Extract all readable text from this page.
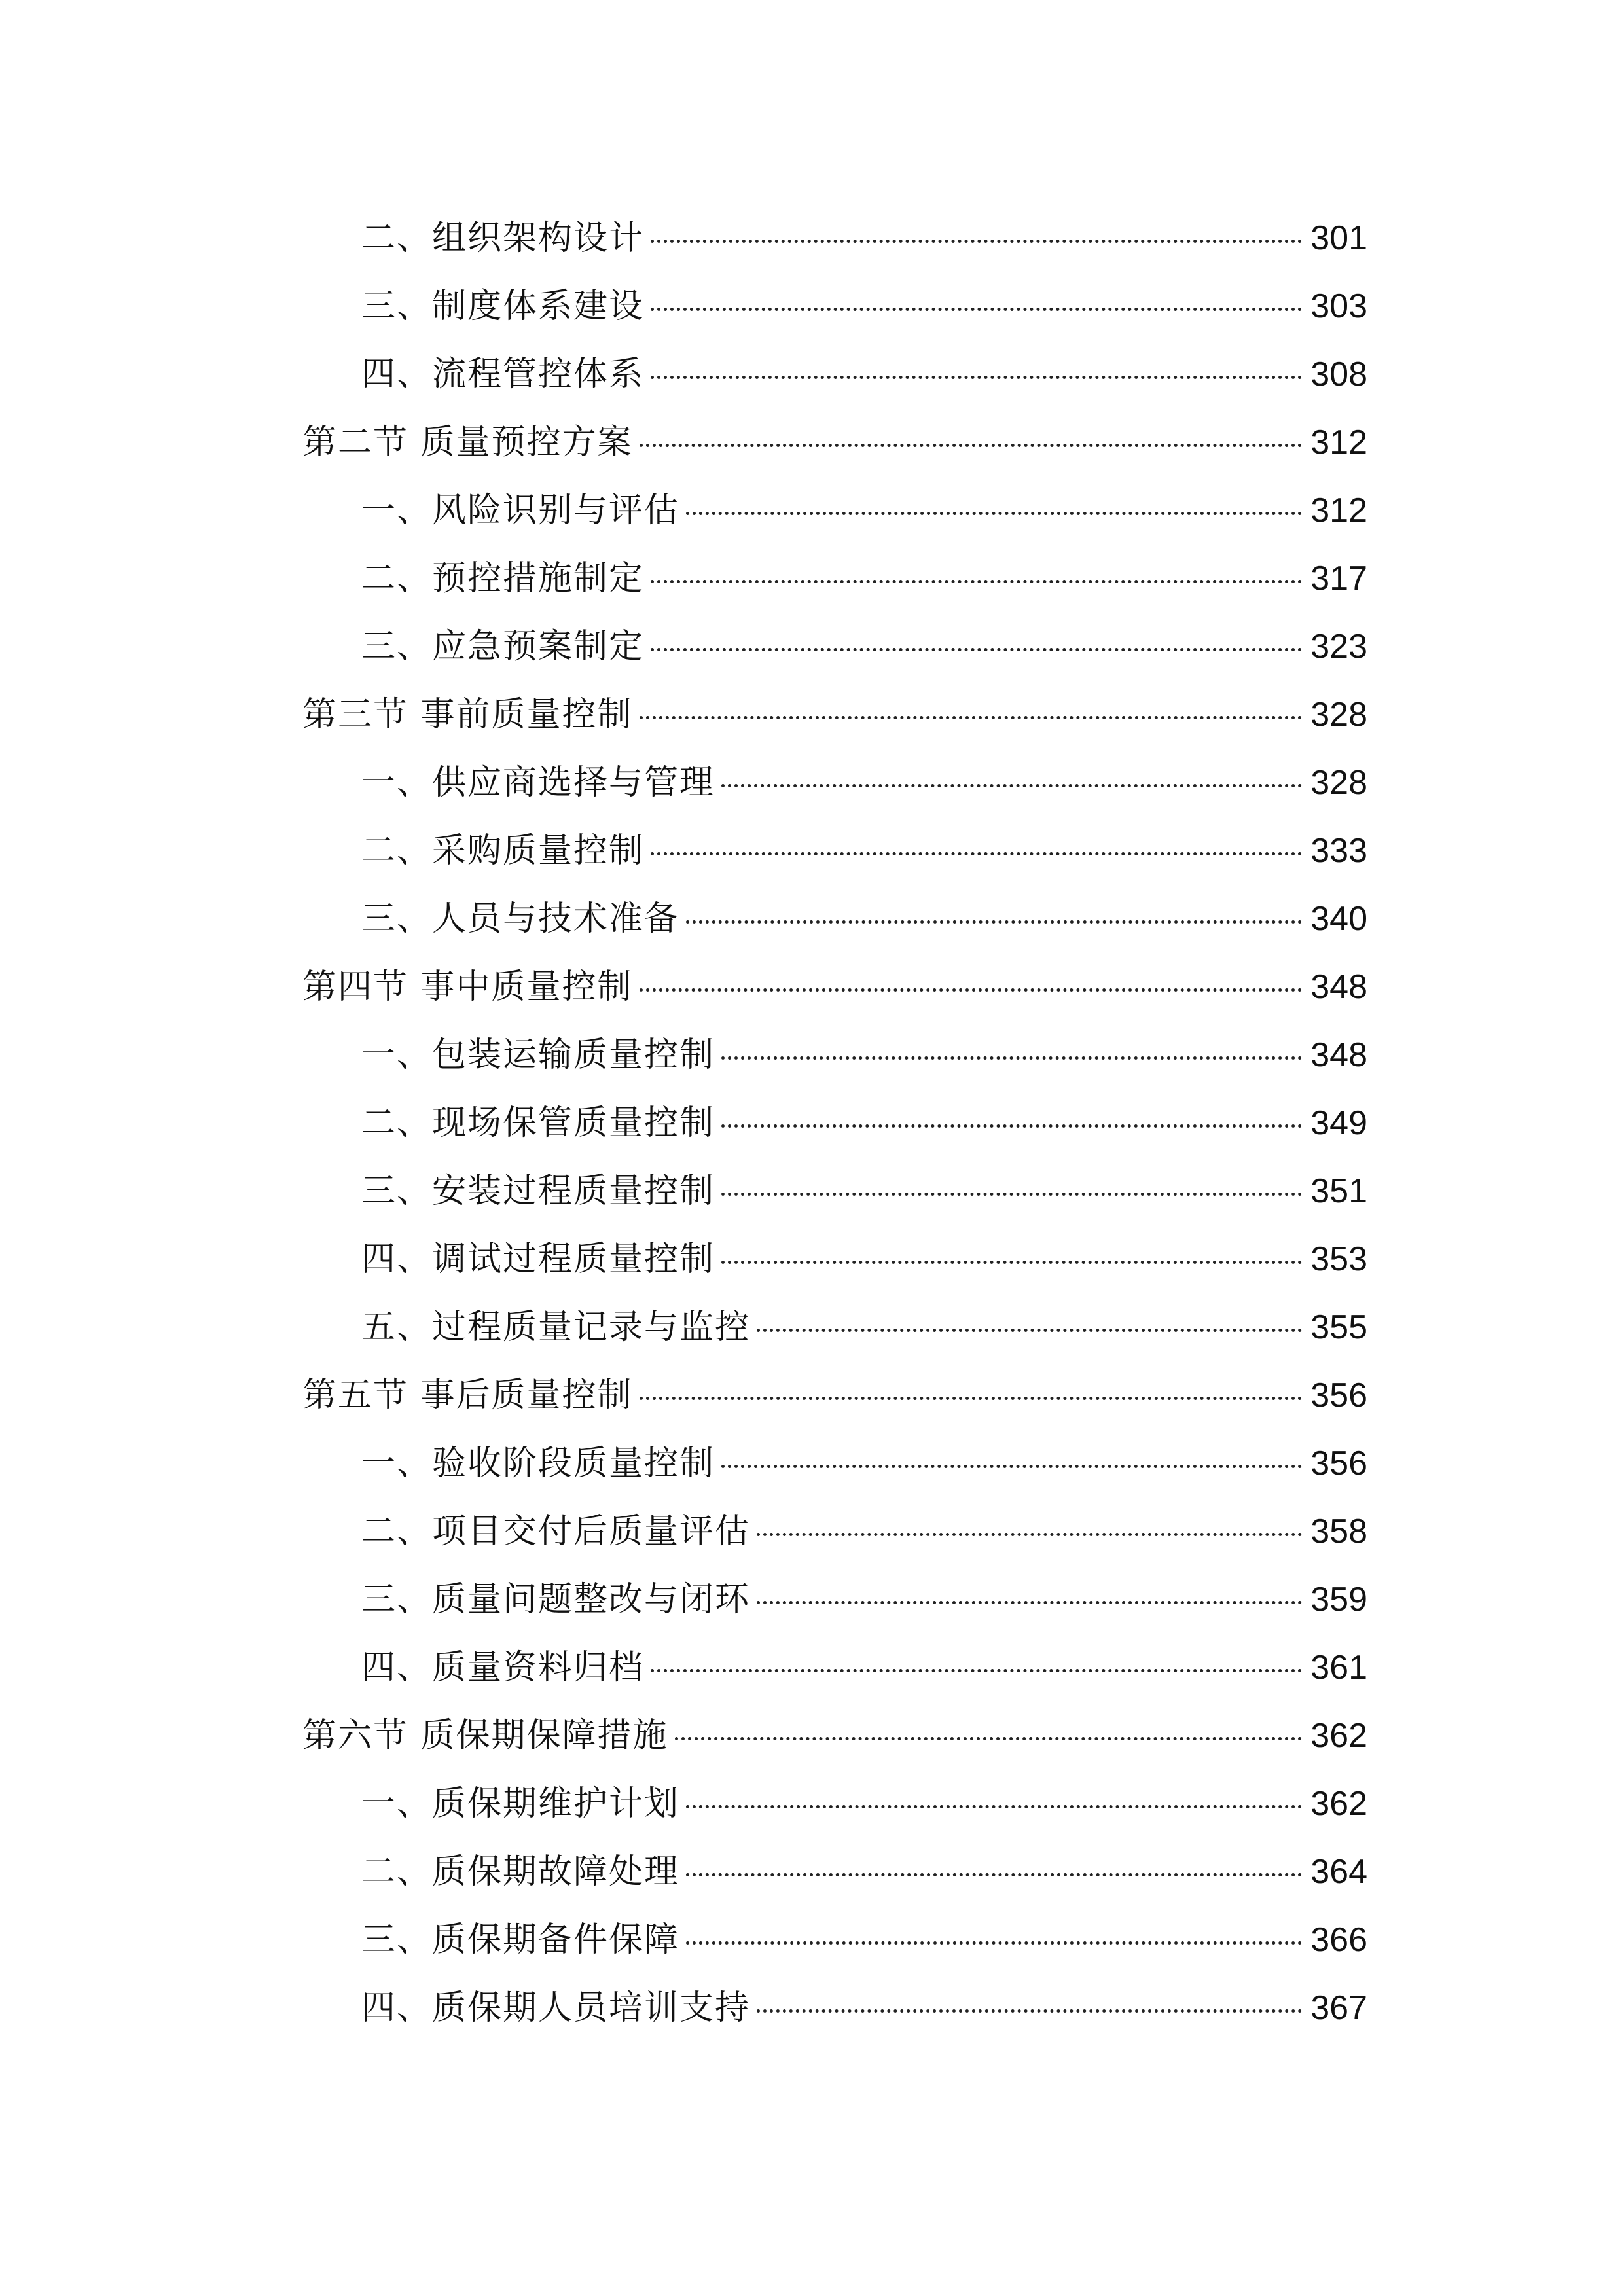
二、组织架构设计	301
三、制度体系建设	303
四、流程管控体系	308
第二节 质量预控方案	312
一、风险识别与评估	312
二、预控措施制定	317
三、应急预案制定	323
第三节 事前质量控制	328
一、供应商选择与管理	328
二、采购质量控制	333
三、人员与技术准备	340
第四节 事中质量控制	348
一、包装运输质量控制	348
二、现场保管质量控制	349
三、安装过程质量控制	351
四、调试过程质量控制	353
五、过程质量记录与监控	355
第五节 事后质量控制	356
一、验收阶段质量控制	356
二、项目交付后质量评估	358
三、质量问题整改与闭环	359
四、质量资料归档	361
第六节 质保期保障措施	362
一、质保期维护计划	362
二、质保期故障处理	364
三、质保期备件保障	366
四、质保期人员培训支持	367
